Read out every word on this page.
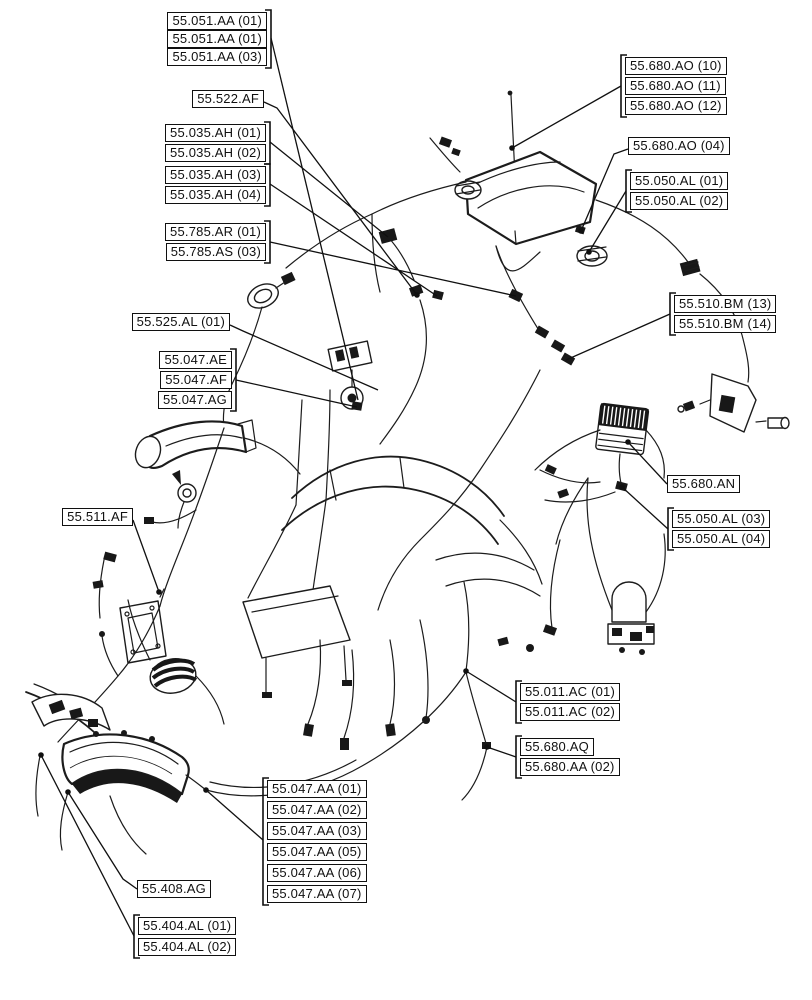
55.051.AA (01)
55.051.AA (01)
55.051.AA (03)
55.522.AF
55.035.AH (01)
55.035.AH (02)
55.035.AH (03)
55.035.AH (04)
55.785.AR (01)
55.785.AS (03)
55.525.AL (01)
55.047.AE
55.047.AF
55.047.AG
55.511.AF
55.680.AO (10)
55.680.AO (11)
55.680.AO (12)
55.680.AO (04)
55.050.AL (01)
55.050.AL (02)
55.510.BM (13)
55.510.BM (14)
55.680.AN
55.050.AL (03)
55.050.AL (04)
55.011.AC (01)
55.011.AC (02)
55.680.AQ
55.680.AA (02)
55.047.AA (01)
55.047.AA (02)
55.047.AA (03)
55.047.AA (05)
55.047.AA (06)
55.047.AA (07)
55.408.AG
55.404.AL (01)
55.404.AL (02)
